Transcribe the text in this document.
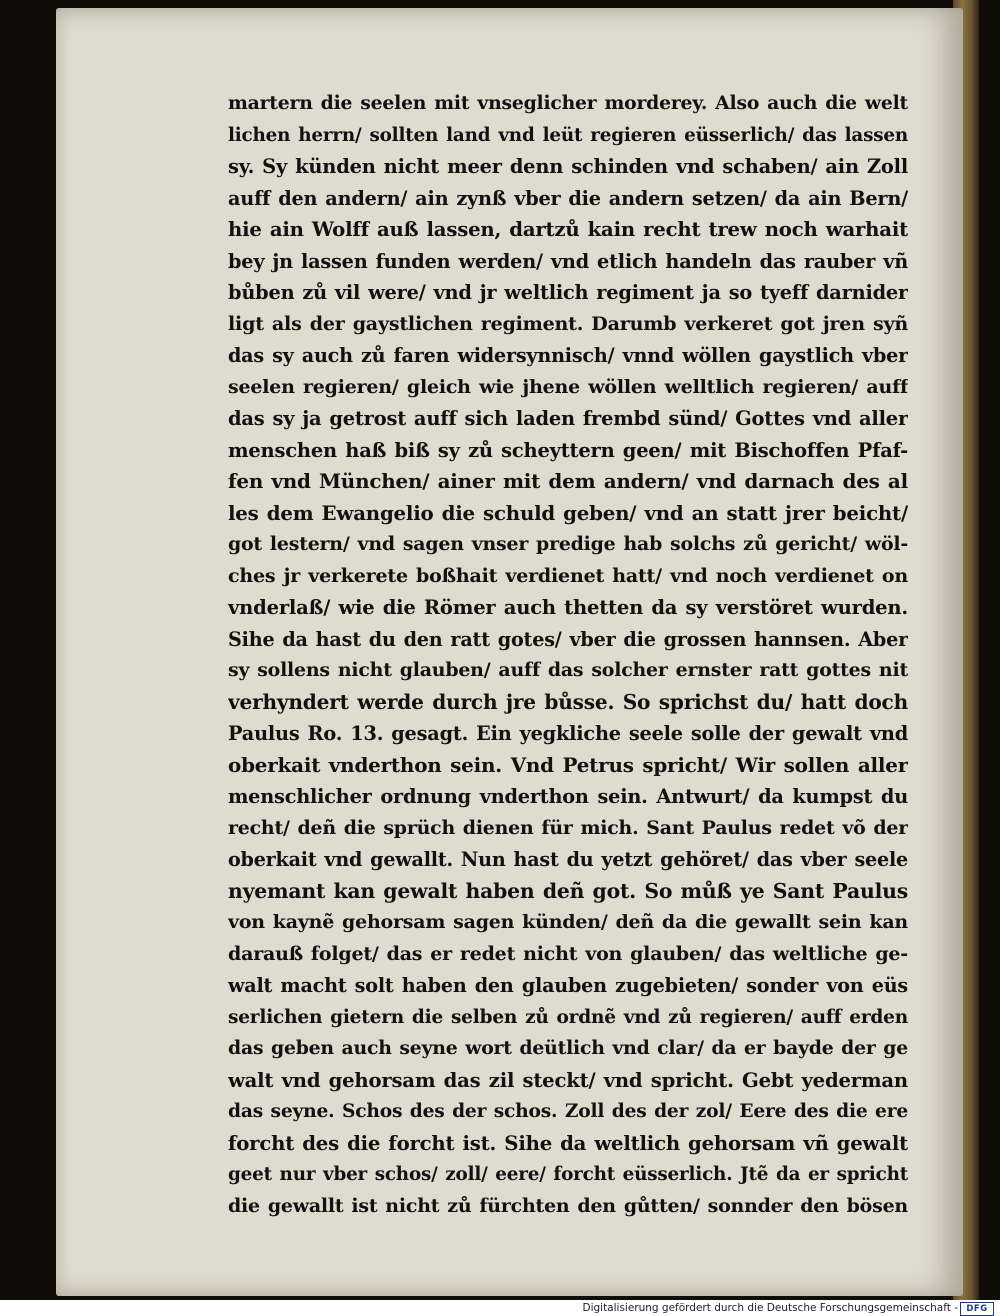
martern die seelen mit vnseglicher morderey. Also auch die welt
lichen herrn/ sollten land vnd leüt regieren eüsserlich/ das lassen
sy. Sy künden nicht meer denn schinden vnd schaben/ ain Zoll
auff den andern/ ain zynß vber die andern setzen/ da ain Bern/
hie ain Wolff auß lassen, dartzů kain recht trew noch warhait
bey jn lassen funden werden/ vnd etlich handeln das rauber vñ
bůben zů vil were/ vnd jr weltlich regiment ja so tyeff darnider
ligt als der gaystlichen regiment. Darumb verkeret got jren syñ
das sy auch zů faren widersynnisch/ vnnd wöllen gaystlich vber
seelen regieren/ gleich wie jhene wöllen welltlich regieren/ auff
das sy ja getrost auff sich laden frembd sünd/ Gottes vnd aller
menschen haß biß sy zů scheyttern geen/ mit Bischoffen Pfaf-
fen vnd München/ ainer mit dem andern/ vnd darnach des al
les dem Ewangelio die schuld geben/ vnd an statt jrer beicht/
got lestern/ vnd sagen vnser predige hab solchs zů gericht/ wöl-
ches jr verkerete boßhait verdienet hatt/ vnd noch verdienet on
vnderlaß/ wie die Römer auch thetten da sy verstöret wurden.
Sihe da hast du den ratt gotes/ vber die grossen hannsen. Aber
sy sollens nicht glauben/ auff das solcher ernster ratt gottes nit
verhyndert werde durch jre bůsse. So sprichst du/ hatt doch
Paulus Ro. 13. gesagt. Ein yegkliche seele solle der gewalt vnd
oberkait vnderthon sein. Vnd Petrus spricht/ Wir sollen aller
menschlicher ordnung vnderthon sein. Antwurt/ da kumpst du
recht/ deñ die sprüch dienen für mich. Sant Paulus redet võ der
oberkait vnd gewallt. Nun hast du yetzt gehöret/ das vber seele
nyemant kan gewalt haben deñ got. So můß ye Sant Paulus
von kaynẽ gehorsam sagen künden/ deñ da die gewallt sein kan
darauß folget/ das er redet nicht von glauben/ das weltliche ge-
walt macht solt haben den glauben zugebieten/ sonder von eüs
serlichen gietern die selben zů ordnẽ vnd zů regieren/ auff erden
das geben auch seyne wort deütlich vnd clar/ da er bayde der ge
walt vnd gehorsam das zil steckt/ vnd spricht. Gebt yederman
das seyne. Schos des der schos. Zoll des der zol/ Eere des die ere
forcht des die forcht ist. Sihe da weltlich gehorsam vñ gewalt
geet nur vber schos/ zoll/ eere/ forcht eüsserlich. Jtẽ da er spricht
die gewallt ist nicht zů fürchten den gůtten/ sonnder den bösen
Digitalisierung gefördert durch die Deutsche Forschungsgemeinschaft - DFG
